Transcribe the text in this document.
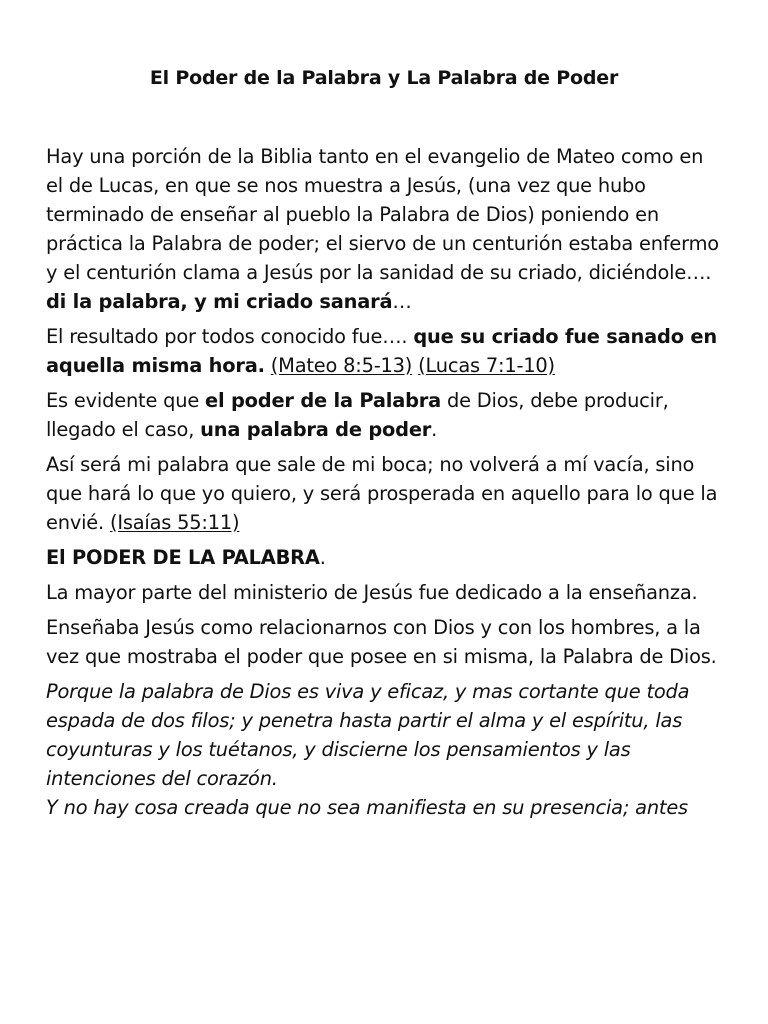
El Poder de la Palabra y La Palabra de Poder

Hay una porción de la Biblia tanto en el evangelio de Mateo como en el de Lucas, en que se nos muestra a Jesús, (una vez que hubo terminado de enseñar al pueblo la Palabra de Dios) poniendo en práctica la Palabra de poder; el siervo de un centurión estaba enfermo y el centurión clama a Jesús por la sanidad de su criado, diciéndole…. di la palabra, y mi criado sanará…

El resultado por todos conocido fue…. que su criado fue sanado en aquella misma hora. (Mateo 8:5-13) (Lucas 7:1-10)

Es evidente que el poder de la Palabra de Dios, debe producir, llegado el caso, una palabra de poder.

Así será mi palabra que sale de mi boca; no volverá a mí vacía, sino que hará lo que yo quiero, y será prosperada en aquello para lo que la envié. (Isaías 55:11)

El PODER DE LA PALABRA.

La mayor parte del ministerio de Jesús fue dedicado a la enseñanza.

Enseñaba Jesús como relacionarnos con Dios y con los hombres, a la vez que mostraba el poder que posee en si misma, la Palabra de Dios.

Porque la palabra de Dios es viva y eficaz, y mas cortante que toda espada de dos filos; y penetra hasta partir el alma y el espíritu, las coyunturas y los tuétanos, y discierne los pensamientos y las intenciones del corazón.

Y no hay cosa creada que no sea manifiesta en su presencia; antes
